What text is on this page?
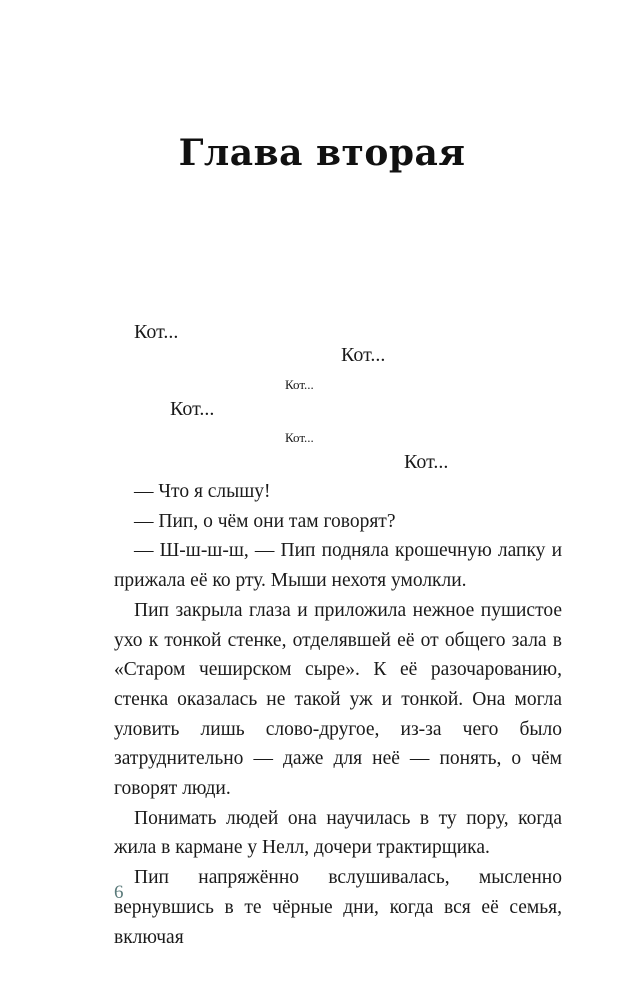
Глава вторая
Кот...
Кот...
Кот...
Кот...
Кот...
Кот...

— Что я слышу!

— Пип, о чём они там говорят?

— Ш-ш-ш-ш, — Пип подняла крошечную лапку и прижала её ко рту. Мыши нехотя умолкли.

Пип закрыла глаза и приложила нежное пушистое ухо к тонкой стенке, отделявшей её от общего зала в «Старом чеширском сыре». К её разочарованию, стенка оказалась не такой уж и тонкой. Она могла уловить лишь слово-другое, из-за чего было затруднительно — даже для неё — понять, о чём говорят люди.

Понимать людей она научилась в ту пору, когда жила в кармане у Нелл, дочери трактирщика.

Пип напряжённо вслушивалась, мысленно вернувшись в те чёрные дни, когда вся её семья, включая

6
